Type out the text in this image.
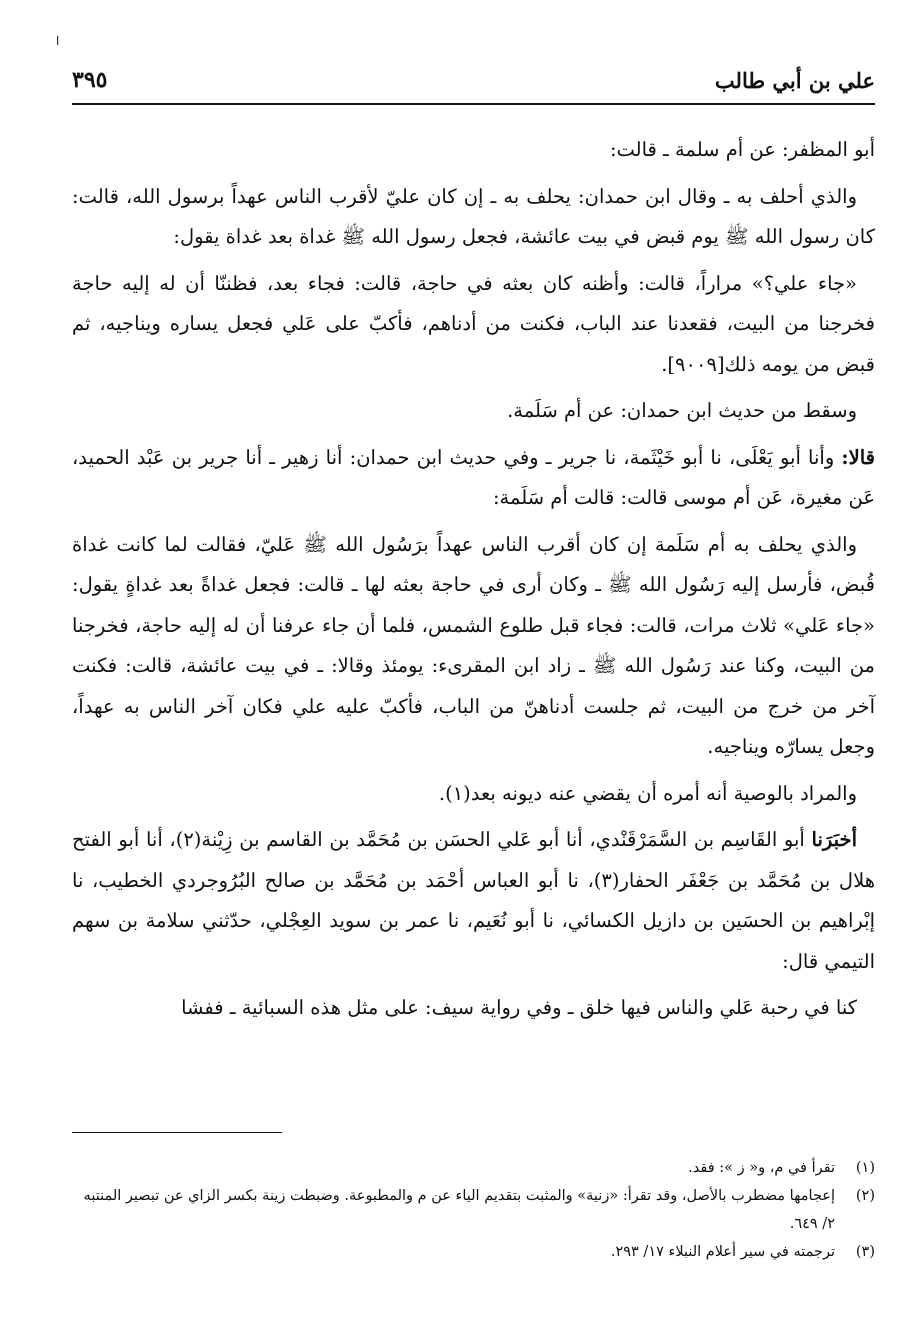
ا
علي بن أبي طالب
٣٩٥

أبو المظفر: عن أم سلمة ـ قالت:

والذي أحلف به ـ وقال ابن حمدان: يحلف به ـ إن كان عليّ لأقرب الناس عهداً برسول الله، قالت: كان رسول الله ﷺ يوم قبض في بيت عائشة، فجعل رسول الله ﷺ غداة بعد غداة يقول:

«جاء علي؟» مراراً، قالت: وأظنه كان بعثه في حاجة، قالت: فجاء بعد، فظننّا أن له إليه حاجة فخرجنا من البيت، فقعدنا عند الباب، فكنت من أدناهم، فأكبّ على عَلي فجعل يساره ويناجيه، ثم قبض من يومه ذلك[٩٠٠٩].

وسقط من حديث ابن حمدان: عن أم سَلَمة.

قالا: وأنا أبو يَعْلَى، نا أبو خَيْثَمة، نا جرير ـ وفي حديث ابن حمدان: أنا زهير ـ أنا جرير بن عَبْد الحميد، عَن مغيرة، عَن أم موسى قالت: قالت أم سَلَمة:

والذي يحلف به أم سَلَمة إن كان أقرب الناس عهداً برَسُول الله ﷺ عَليّ، فقالت لما كانت غداة قُبض، فأرسل إليه رَسُول الله ﷺ ـ وكان أرى في حاجة بعثه لها ـ قالت: فجعل غداةً بعد غداةٍ يقول: «جاء عَلي» ثلاث مرات، قالت: فجاء قبل طلوع الشمس، فلما أن جاء عرفنا أن له إليه حاجة، فخرجنا من البيت، وكنا عند رَسُول الله ﷺ ـ زاد ابن المقرىء: يومئذ وقالا: ـ في بيت عائشة، قالت: فكنت آخر من خرج من البيت، ثم جلست أدناهنّ من الباب، فأكبّ عليه علي فكان آخر الناس به عهداً، وجعل يسارّه ويناجيه.

والمراد بالوصية أنه أمره أن يقضي عنه ديونه بعد(١).

أخبَرَنا أبو القَاسِم بن السَّمَرْقَنْدي، أنا أبو عَلي الحسَن بن مُحَمَّد بن القاسم بن زِيْنة(٢)، أنا أبو الفتح هلال بن مُحَمَّد بن جَعْفَر الحفار(٣)، نا أبو العباس أحْمَد بن مُحَمَّد بن صالح البُرُوجردي الخطيب، نا إبْراهيم بن الحسَين بن دازيل الكسائي، نا أبو نُعَيم، نا عمر بن سويد العِجْلي، حدّثني سلامة بن سهم التيمي قال:

كنا في رحبة عَلي والناس فيها خلق ـ وفي رواية سيف: على مثل هذه السبائية ـ ففشا

(١)
تقرأ في م، و« ز »: فقد.
(٢)
إعجامها مضطرب بالأصل، وقد تقرأ: «زنية» والمثبت بتقديم الياء عن م والمطبوعة. وضبطت زينة بكسر الزاي عن تبصير المنتبه ٢/ ٦٤٩.
(٣)
ترجمته في سير أعلام النبلاء ١٧/ ٢٩٣.
